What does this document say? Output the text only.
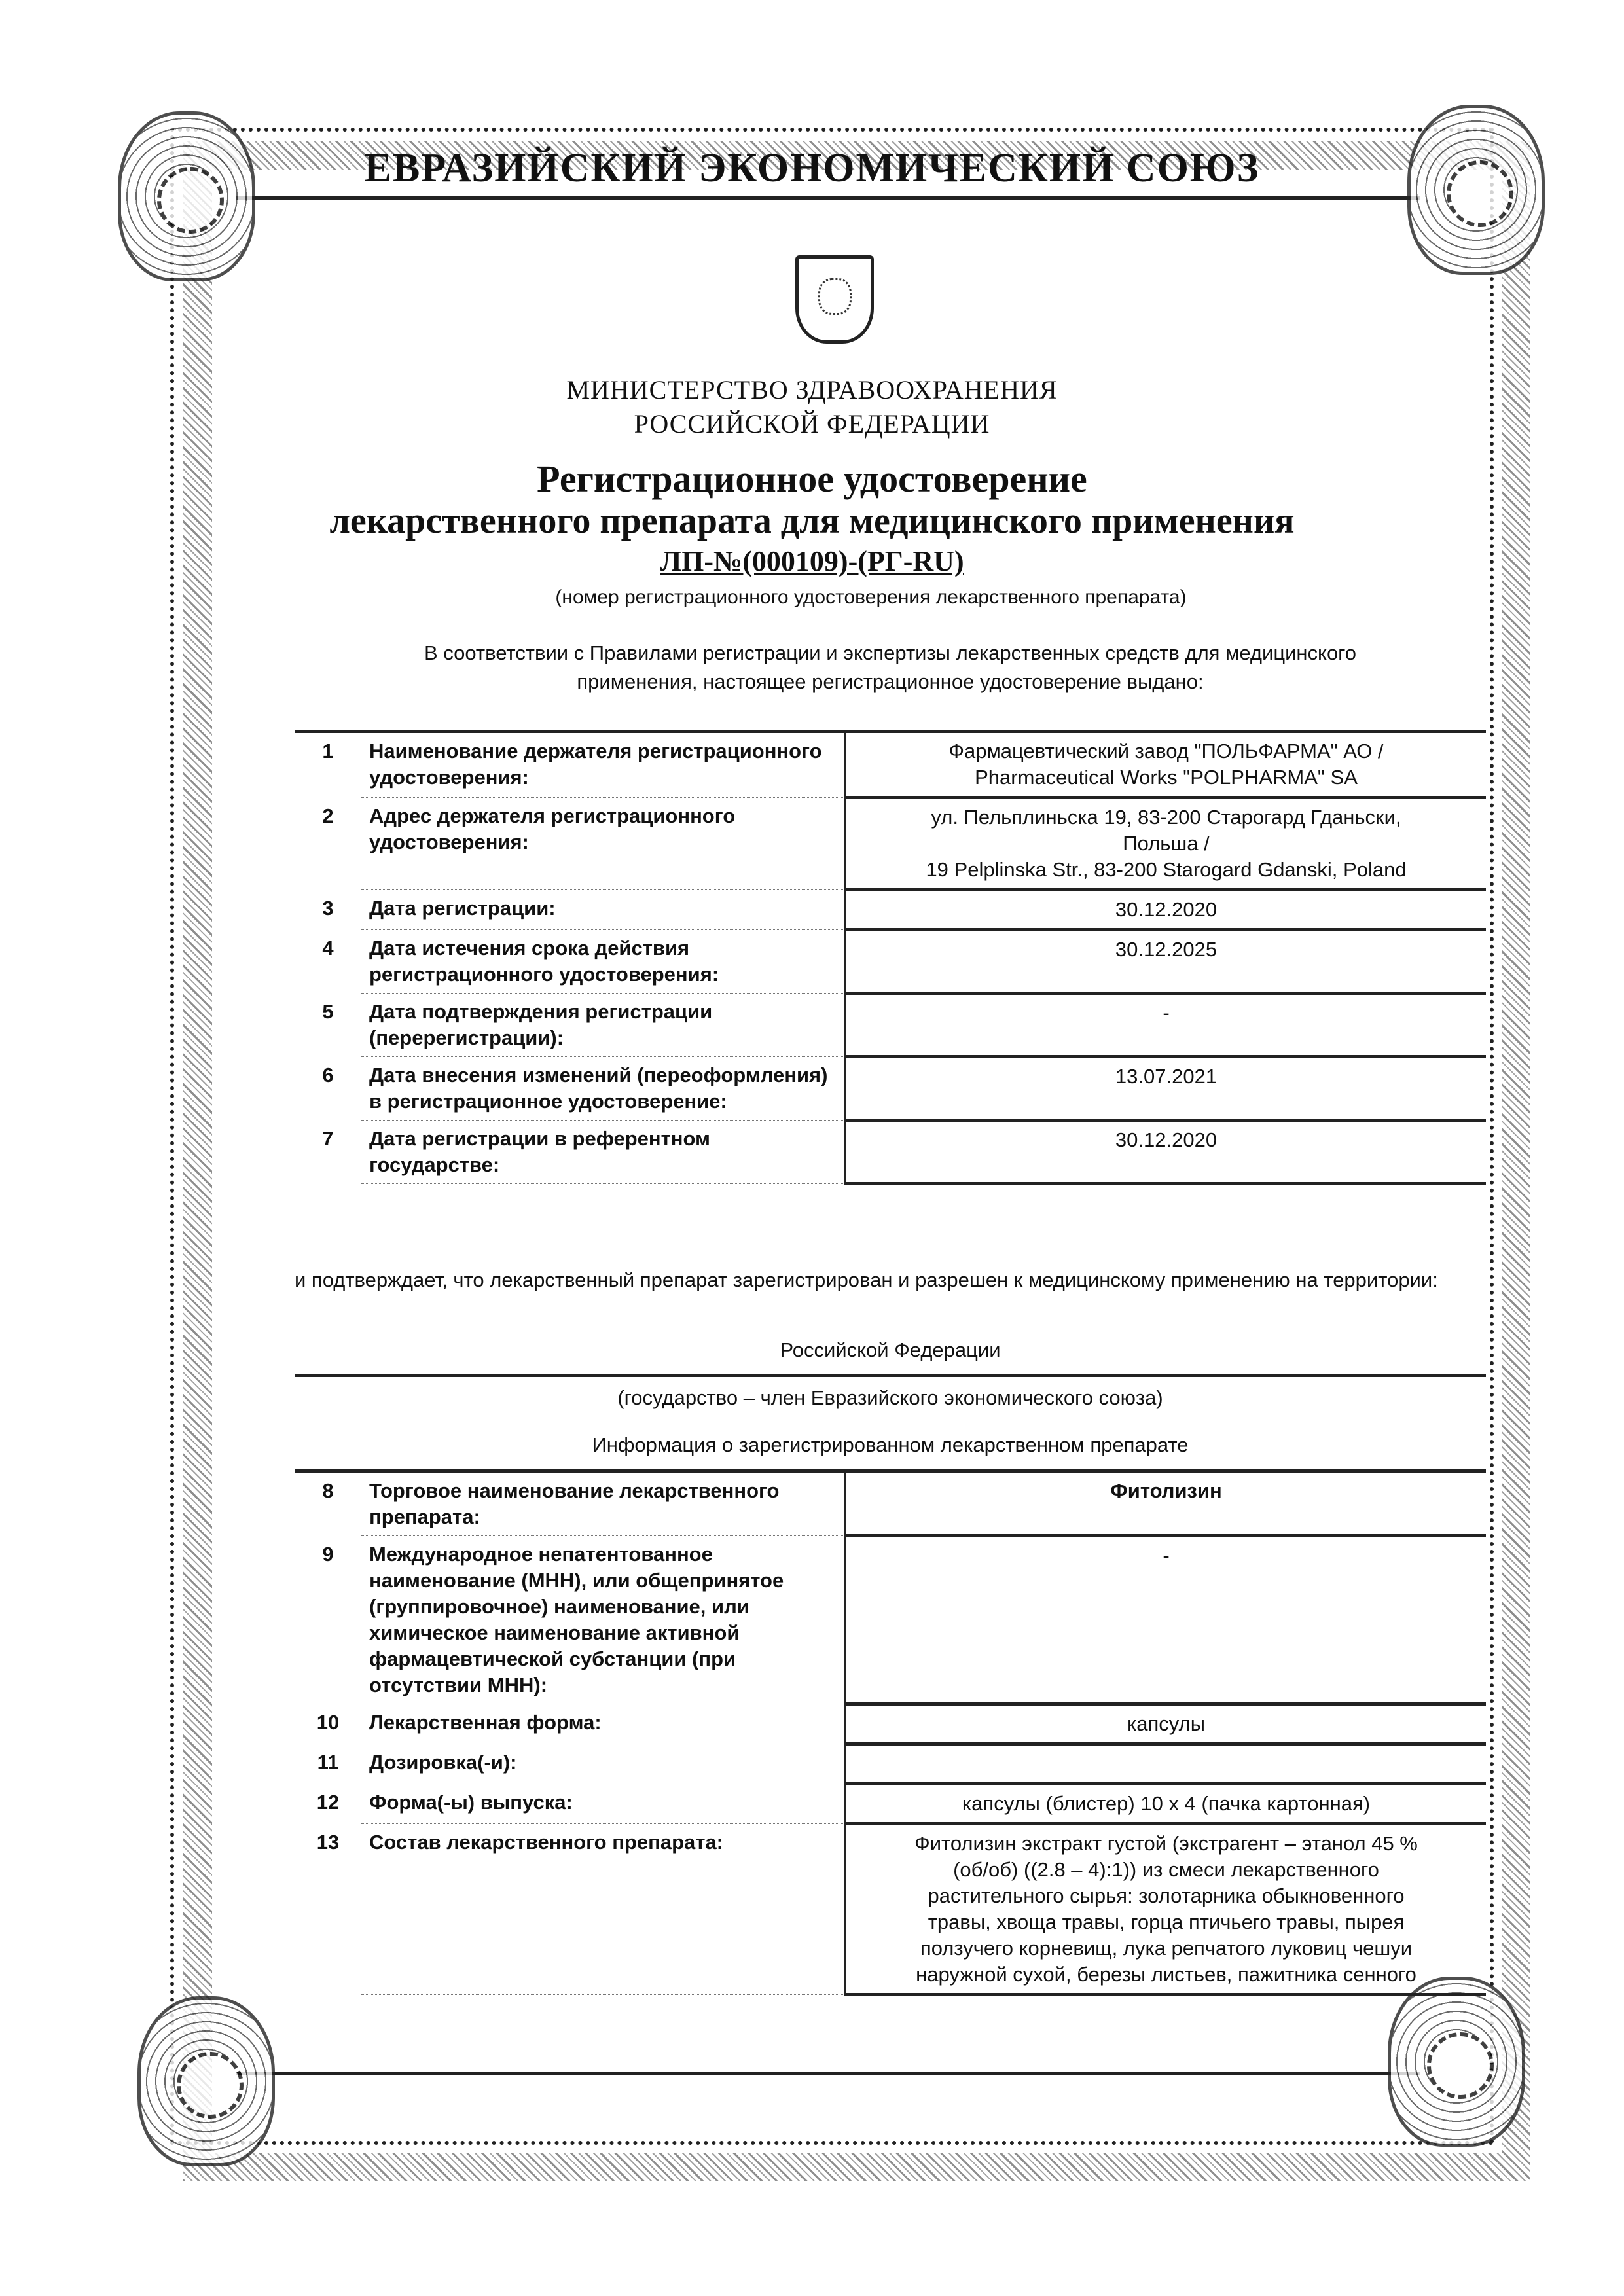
ЕВРАЗИЙСКИЙ ЭКОНОМИЧЕСКИЙ СОЮЗ
МИНИСТЕРСТВО ЗДРАВООХРАНЕНИЯ
РОССИЙСКОЙ ФЕДЕРАЦИИ
Регистрационное удостоверение
лекарственного препарата для медицинского применения
ЛП-№(000109)-(РГ-RU)
(номер регистрационного удостоверения лекарственного препарата)
В соответствии с Правилами регистрации и экспертизы лекарственных средств для медицинского
применения, настоящее регистрационное удостоверение выдано:
1	Наименование держателя регистрационного удостоверения:	Фармацевтический завод "ПОЛЬФАРМА" АО /
Pharmaceutical Works "POLPHARMA" SA

2	Адрес держателя регистрационного удостоверения:	ул. Пельплиньска 19, 83-200 Старогард Гданьски,
Польша /
19 Pelplinska Str., 83-200 Starogard Gdanski, Poland

3	Дата регистрации:	30.12.2020

4	Дата истечения срока действия регистрационного удостоверения:	30.12.2025

5	Дата подтверждения регистрации (перерегистрации):	-

6	Дата внесения изменений (переоформления) в регистрационное удостоверение:	13.07.2021

7	Дата регистрации в референтном государстве:	30.12.2020
и подтверждает, что лекарственный препарат зарегистрирован и разрешен к медицинскому применению на территории:
Российской Федерации
(государство – член Евразийского экономического союза)
Информация о зарегистрированном лекарственном препарате
8	Торговое наименование лекарственного препарата:	Фитолизин

9	Международное непатентованное наименование (МНН), или общепринятое (группировочное) наименование, или химическое наименование активной фармацевтической субстанции (при отсутствии МНН):	-

10	Лекарственная форма:	капсулы

11	Дозировка(-и):	

12	Форма(-ы) выпуска:	капсулы (блистер) 10 x 4 (пачка картонная)

13	Состав лекарственного препарата:	Фитолизин экстракт густой (экстрагент – этанол 45 %
(об/об) ((2.8 – 4):1)) из смеси лекарственного
растительного сырья: золотарника обыкновенного
травы, хвоща травы, горца птичьего травы, пырея
ползучего корневищ, лука репчатого луковиц чешуи
наружной сухой, березы листьев, пажитника сенного
